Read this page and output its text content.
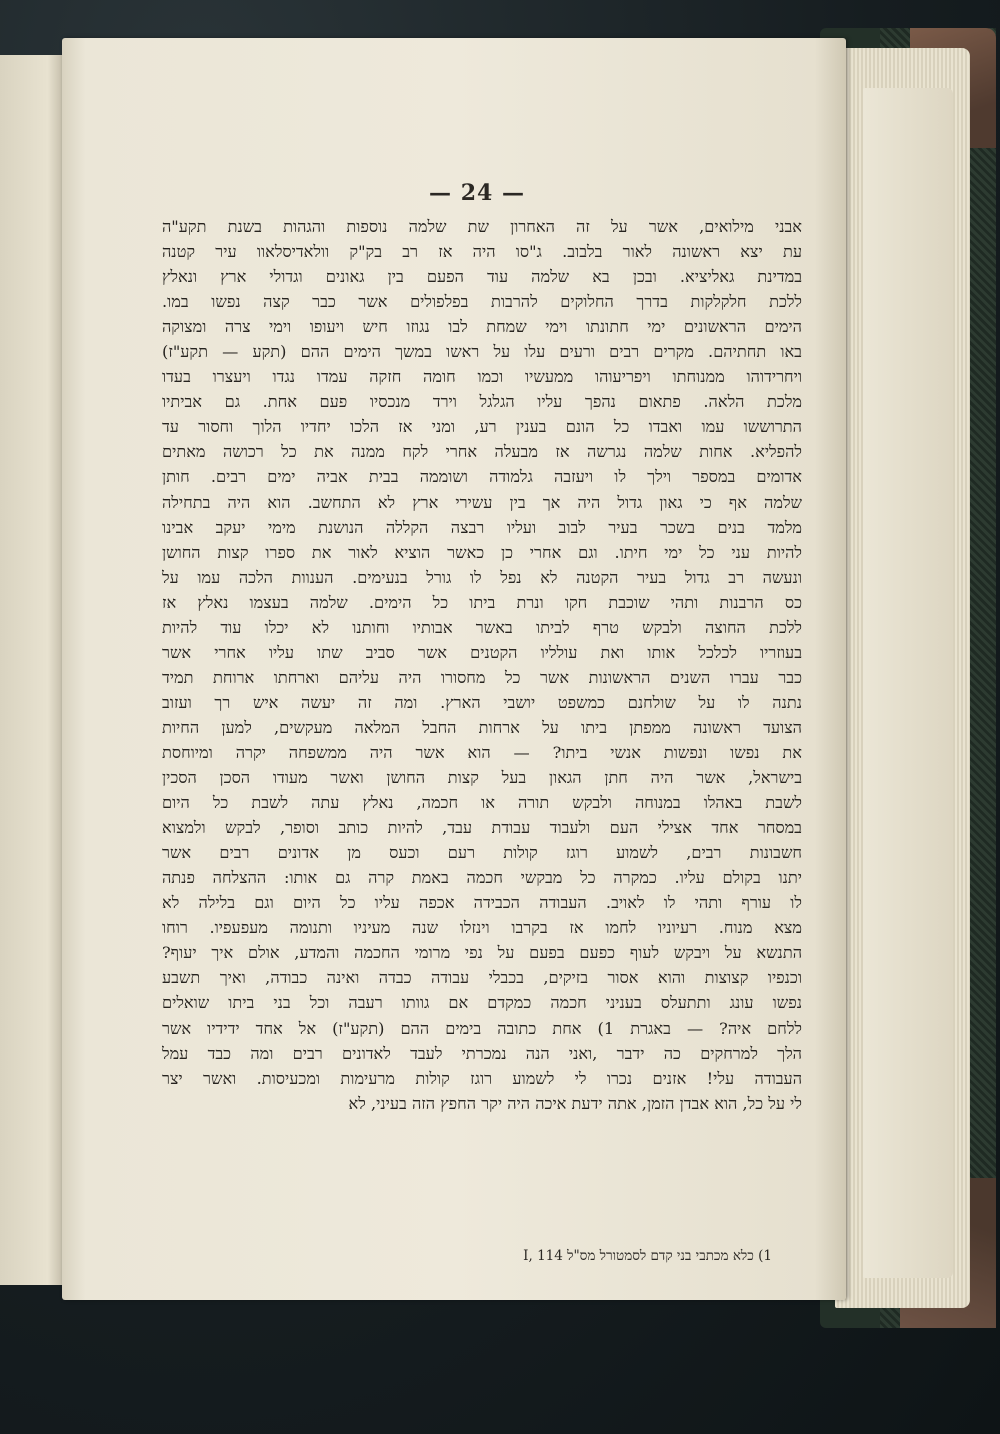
— 24 —
אבני מילואים, אשר על זה האחרון שת שלמה נוספות והגהות בשנת תקע"ה
עת יצא ראשונה לאור בלבוב. ג"סו היה אז רב בק"ק וולאדיסלאוו עיר קטנה
במדינת גאליציא. ובכן בא שלמה עוד הפעם בין גאונים וגדולי ארץ ונאלץ
ללכת חלקלקות בדרך החלוקים להרבות בפלפולים אשר כבר קצה נפשו במו.
הימים הראשונים ימי חתונתו וימי שמחת לבו נגוזו חיש ויעופו וימי צרה ומצוקה
באו תחתיהם. מקרים רבים ורעים עלו על ראשו במשך הימים ההם (תקע — תקע"ז)
ויחרידוהו ממנוחתו ויפריעוהו ממעשיו וכמו חומה חזקה עמדו נגדו ויעצרו בעדו
מלכת הלאה. פתאום נהפך עליו הגלגל וירד מנכסיו פעם אחת. גם אביתיו
התרוששו עמו ואבדו כל הונם בענין רע, ומני אז הלכו יחדיו הלוך וחסור עד
להפליא. אחות שלמה נגרשה אז מבעלה אחרי לקח ממנה את כל רכושה מאתים
אדומים במספר וילך לו ויעזבה גלמודה ושוממה בבית אביה ימים רבים. חותן
שלמה אף כי גאון גדול היה אך בין עשירי ארץ לא התחשב. הוא היה בתחילה
מלמד בנים בשכר בעיר לבוב ועליו רבצה הקללה הנושנת מימי יעקב אבינו
להיות עני כל ימי חיתו. וגם אחרי כן כאשר הוציא לאור את ספרו קצות החושן
ונעשה רב גדול בעיר הקטנה לא נפל לו גורל בנעימים. הענוות הלכה עמו על
כס הרבנות ותהי שוכבת חקו ונרת ביתו כל הימים. שלמה בעצמו נאלץ אז
ללכת החוצה ולבקש טרף לביתו באשר אבותיו וחותנו לא יכלו עוד להיות
בעוזריו לכלכל אותו ואת עולליו הקטנים אשר סביב שתו עליו אחרי אשר
כבר עברו השנים הראשונות אשר כל מחסורו היה עליהם וארחתו ארוחת תמיד
נתנה לו על שולחנם כמשפט יושבי הארץ. ומה זה יעשה איש רך ועזוב
הצועד ראשונה ממפתן ביתו על ארחות החבל המלאה מעקשים, למען החיות
את נפשו ונפשות אנשי ביתו? — הוא אשר היה ממשפחה יקרה ומיוחסת
בישראל, אשר היה חתן הגאון בעל קצות החושן ואשר מעודו הסכן הסכין
לשבת באהלו במנוחה ולבקש תורה או חכמה, נאלץ עתה לשבת כל היום
במסחר אחד אצילי העם ולעבוד עבודת עבד, להיות כותב וסופר, לבקש ולמצוא
חשבונות רבים, לשמוע רוגז קולות רעם וכעס מן אדונים רבים אשר
יתנו בקולם עליו. כמקרה כל מבקשי חכמה באמת קרה גם אותו: ההצלחה פנתה
לו עורף ותהי לו לאויב. העבודה הכבידה אכפה עליו כל היום וגם בלילה לא
מצא מנוח. רעיוניו לחמו אז בקרבו וינזלו שנה מעיניו ותנומה מעפעפיו. רוחו
התנשא על ויבקש לעוף כפעם בפעם על נפי מרומי החכמה והמדע, אולם איך יעוף?
וכנפיו קצוצות והוא אסור בזיקים, בכבלי עבודה כבדה ואינה כבודה, ואיך תשבע
נפשו עונג ותתעלס בעניני חכמה כמקדם אם גוותו רעבה וכל בני ביתו שואלים
ללחם איה? — באגרת 1) אחת כתובה בימים ההם (תקע"ז) אל אחד ידידיו אשר
הלך למרחקים כה ידבר ,ואני הנה נמכרתי לעבד לאדונים רבים ומה כבד עמל
העבודה עלי! אזנים נכרו לי לשמוע רוגז קולות מרעימות ומכעיסות. ואשר יצר
לי על כל, הוא אבדן הזמן, אתה ידעת איכה היה יקר החפץ הזה בעיני, לא
1) כלא מכתבי בני קדם לסמטורל מס"ל I, 114
